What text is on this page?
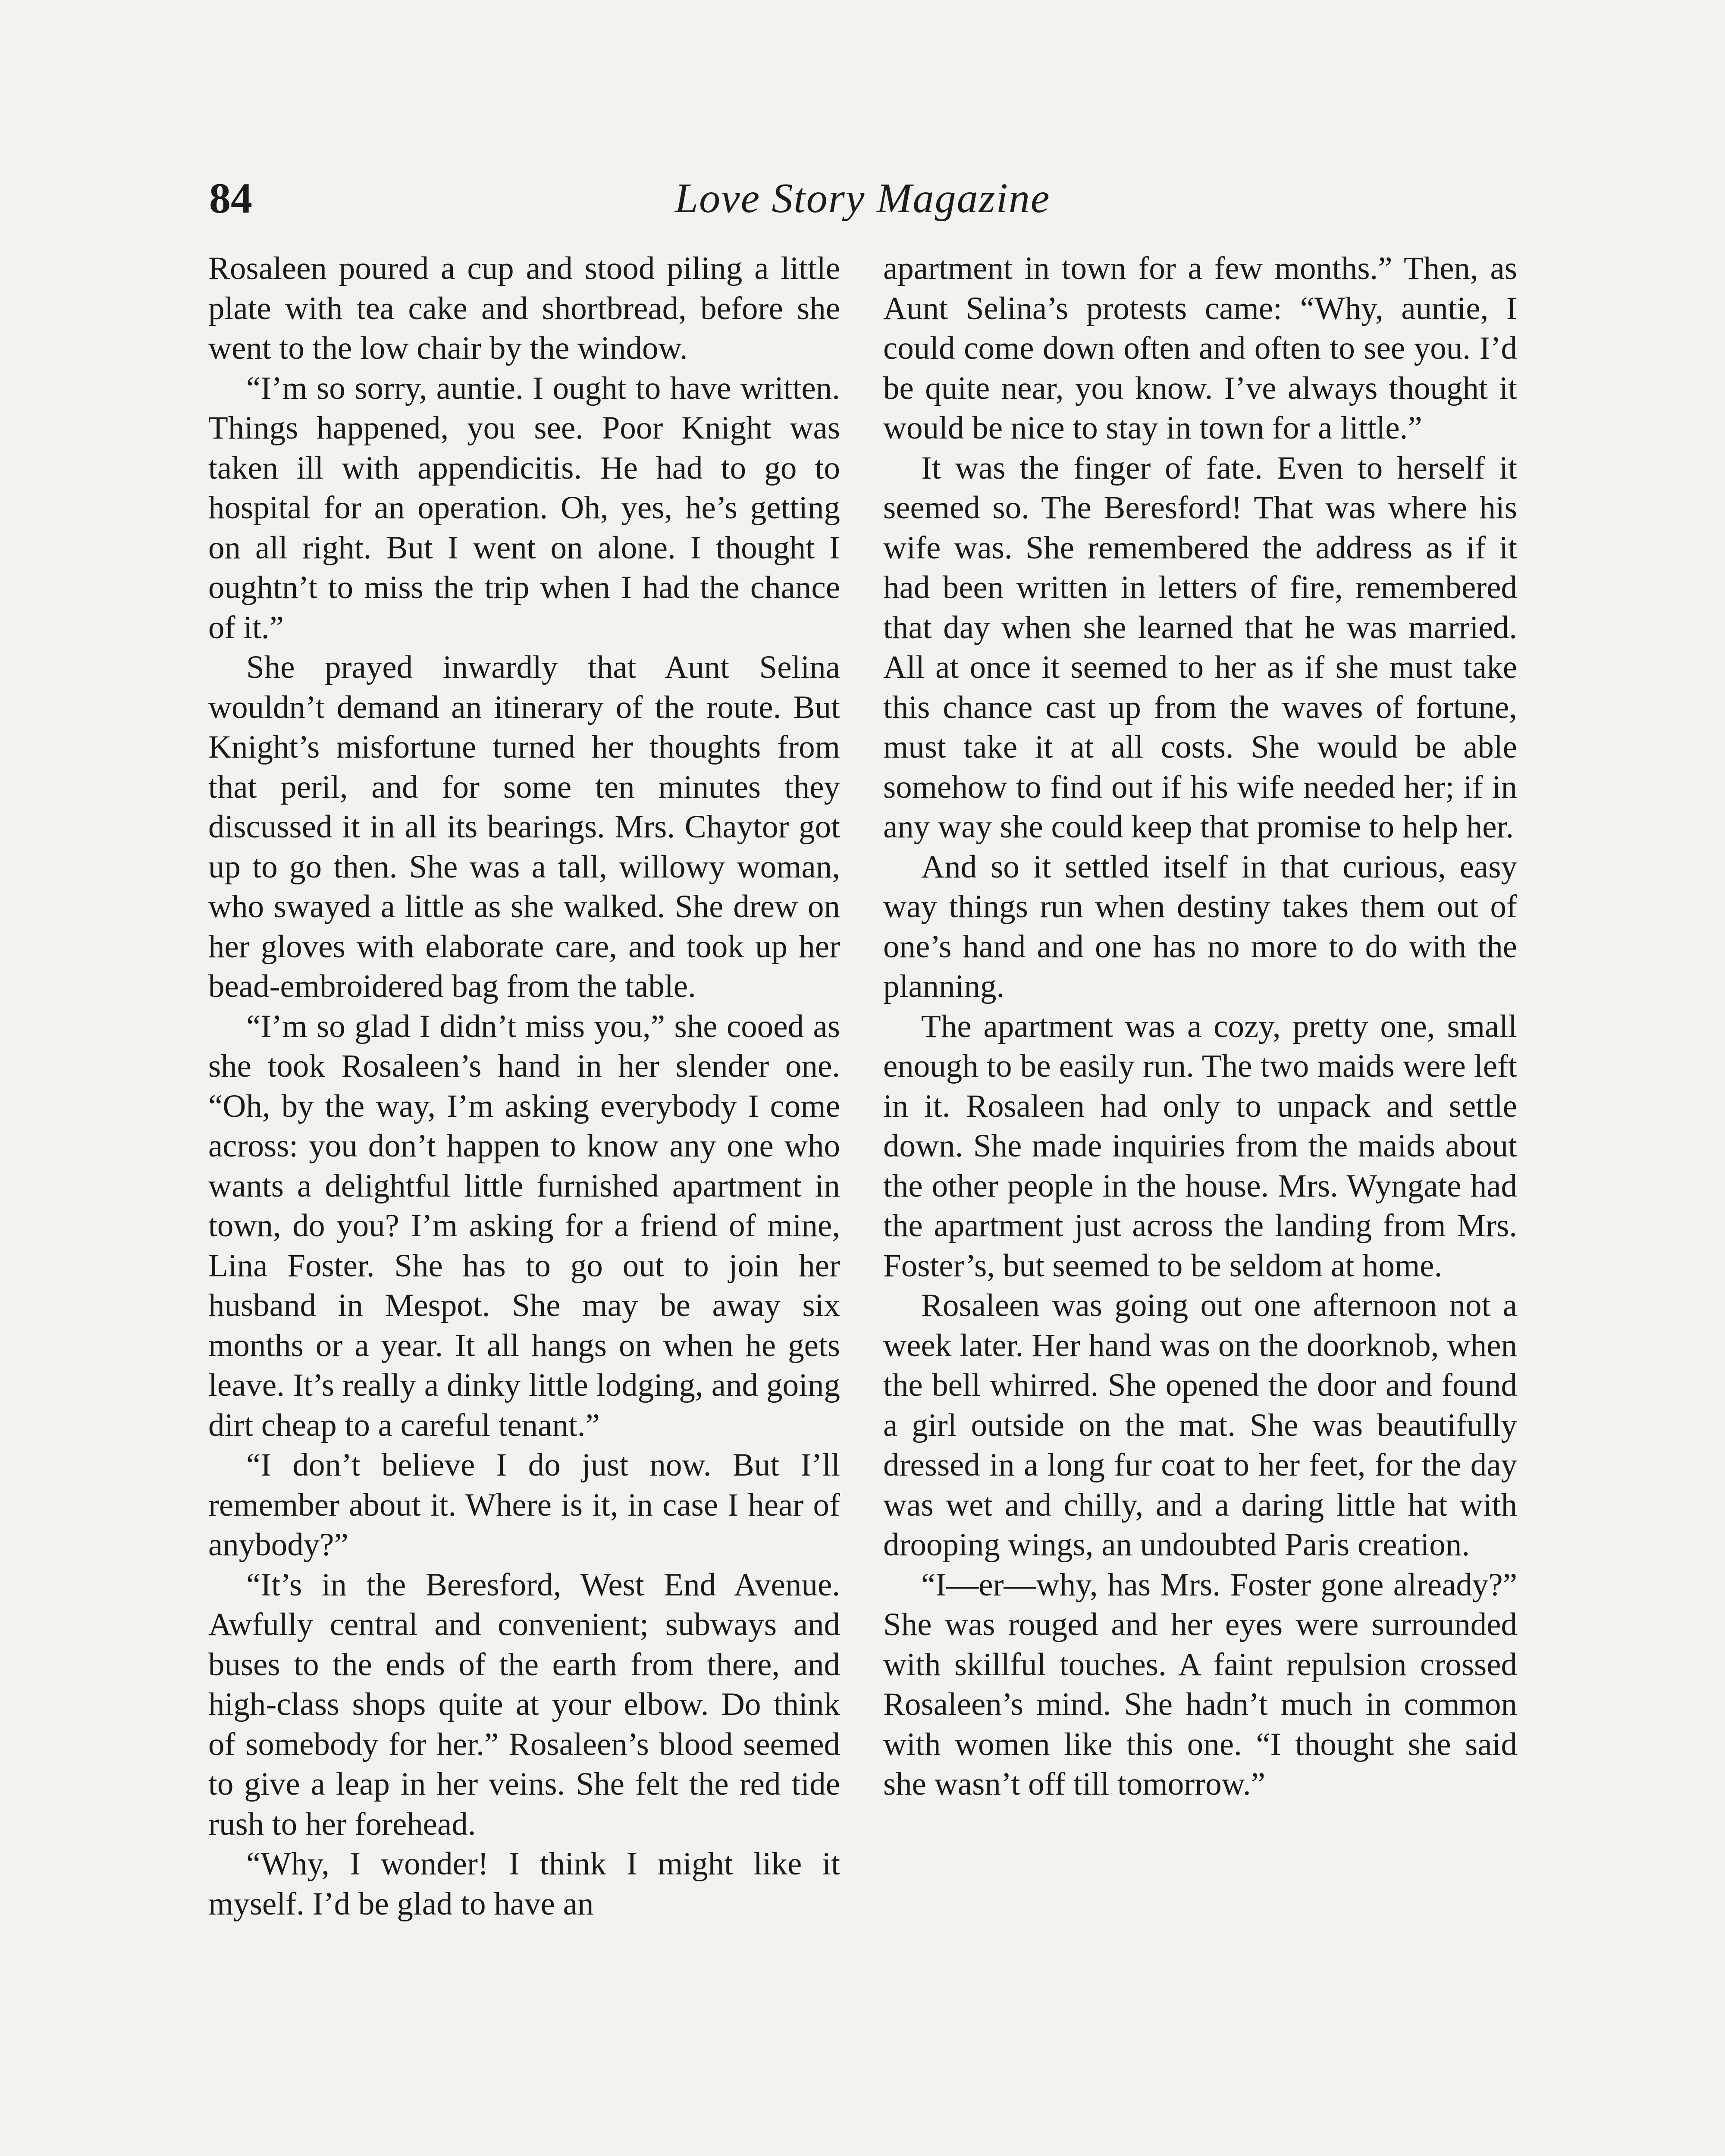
84	Love Story Magazine

Rosaleen poured a cup and stood piling a little plate with tea cake and shortbread, before she went to the low chair by the window.

“I’m so sorry, auntie. I ought to have written. Things happened, you see. Poor Knight was taken ill with appendicitis. He had to go to hospital for an operation. Oh, yes, he’s getting on all right. But I went on alone. I thought I oughtn’t to miss the trip when I had the chance of it.”

She prayed inwardly that Aunt Selina wouldn’t demand an itinerary of the route. But Knight’s misfortune turned her thoughts from that peril, and for some ten minutes they discussed it in all its bearings. Mrs. Chaytor got up to go then. She was a tall, willowy woman, who swayed a little as she walked. She drew on her gloves with elaborate care, and took up her bead-embroidered bag from the table.

“I’m so glad I didn’t miss you,” she cooed as she took Rosaleen’s hand in her slender one. “Oh, by the way, I’m asking everybody I come across: you don’t happen to know any one who wants a delightful little furnished apartment in town, do you? I’m asking for a friend of mine, Lina Foster. She has to go out to join her husband in Mespot. She may be away six months or a year. It all hangs on when he gets leave. It’s really a dinky little lodging, and going dirt cheap to a careful tenant.”

“I don’t believe I do just now. But I’ll remember about it. Where is it, in case I hear of anybody?”

“It’s in the Beresford, West End Avenue. Awfully central and convenient; subways and buses to the ends of the earth from there, and high-class shops quite at your elbow. Do think of somebody for her.” Rosaleen’s blood seemed to give a leap in her veins. She felt the red tide rush to her forehead.

“Why, I wonder! I think I might like it myself. I’d be glad to have an

apartment in town for a few months.” Then, as Aunt Selina’s protests came: “Why, auntie, I could come down often and often to see you. I’d be quite near, you know. I’ve always thought it would be nice to stay in town for a little.”

It was the finger of fate. Even to herself it seemed so. The Beresford! That was where his wife was. She remembered the address as if it had been written in letters of fire, remembered that day when she learned that he was married. All at once it seemed to her as if she must take this chance cast up from the waves of fortune, must take it at all costs. She would be able somehow to find out if his wife needed her; if in any way she could keep that promise to help her.

And so it settled itself in that curious, easy way things run when destiny takes them out of one’s hand and one has no more to do with the planning.

The apartment was a cozy, pretty one, small enough to be easily run. The two maids were left in it. Rosaleen had only to unpack and settle down. She made inquiries from the maids about the other people in the house. Mrs. Wyngate had the apartment just across the landing from Mrs. Foster’s, but seemed to be seldom at home.

Rosaleen was going out one afternoon not a week later. Her hand was on the doorknob, when the bell whirred. She opened the door and found a girl outside on the mat. She was beautifully dressed in a long fur coat to her feet, for the day was wet and chilly, and a daring little hat with drooping wings, an undoubted Paris creation.

“I—er—why, has Mrs. Foster gone already?” She was rouged and her eyes were surrounded with skillful touches. A faint repulsion crossed Rosaleen’s mind. She hadn’t much in common with women like this one. “I thought she said she wasn’t off till tomorrow.”
